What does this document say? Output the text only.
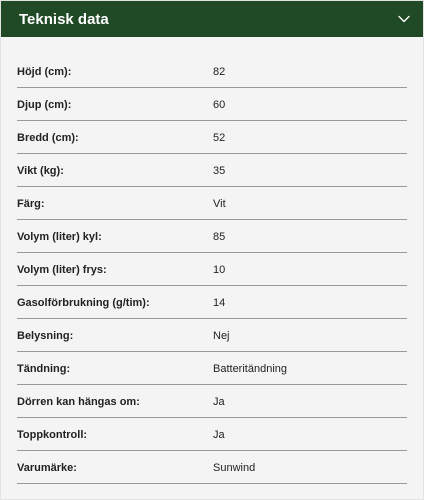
Teknisk data
Höjd (cm):	82
Djup (cm):	60
Bredd (cm):	52
Vikt (kg):	35
Färg:	Vit
Volym (liter) kyl:	85
Volym (liter) frys:	10
Gasolförbrukning (g/tim):	14
Belysning:	Nej
Tändning:	Batteritändning
Dörren kan hängas om:	Ja
Toppkontroll:	Ja
Varumärke:	Sunwind
